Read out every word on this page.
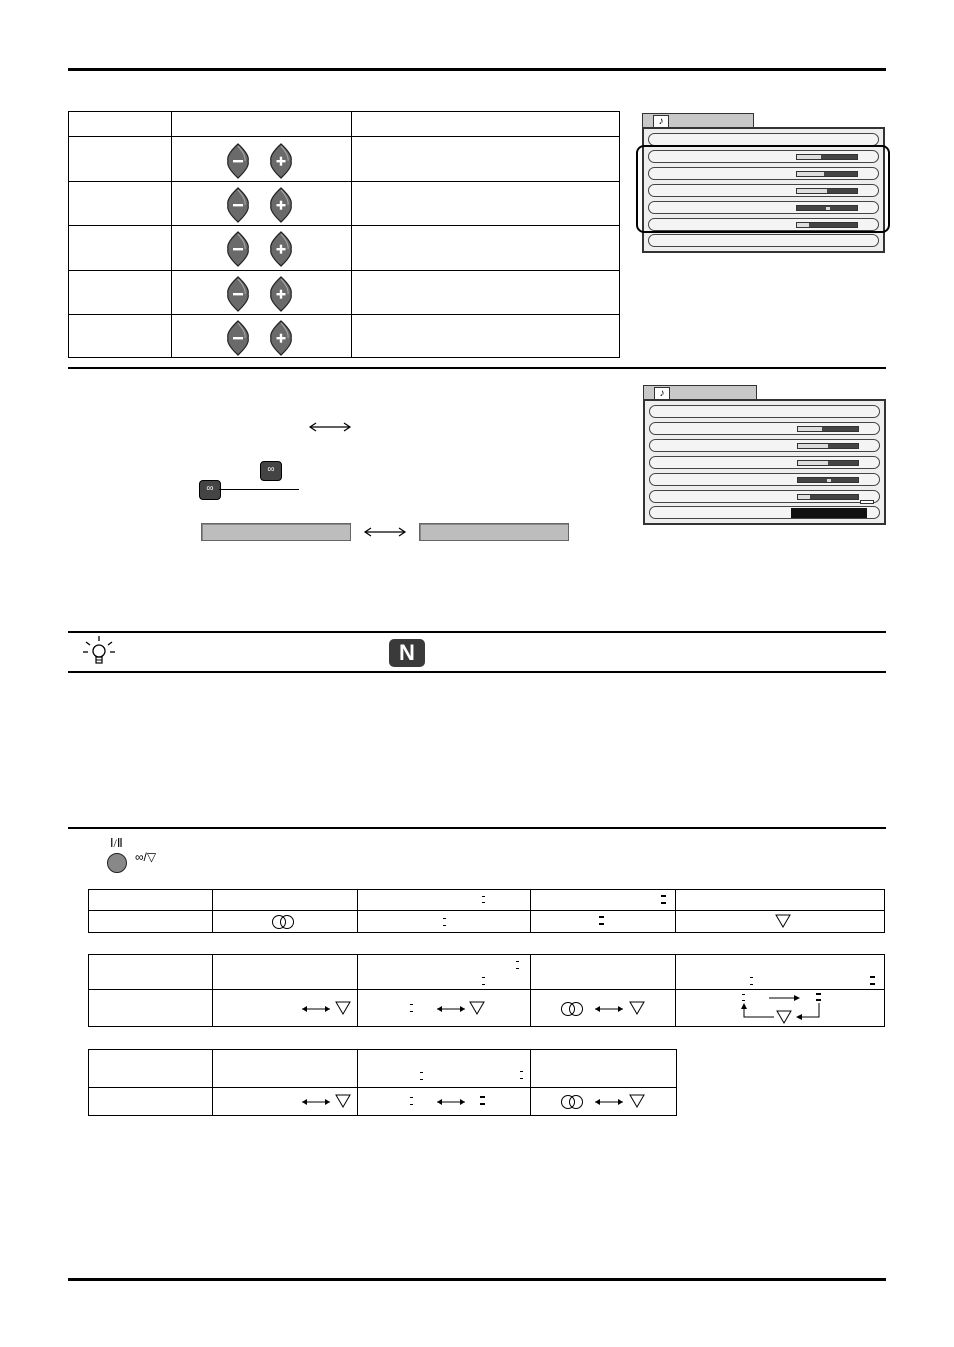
♪
∞
∞
♪
N
Ⅰ/Ⅱ
∞/▽
